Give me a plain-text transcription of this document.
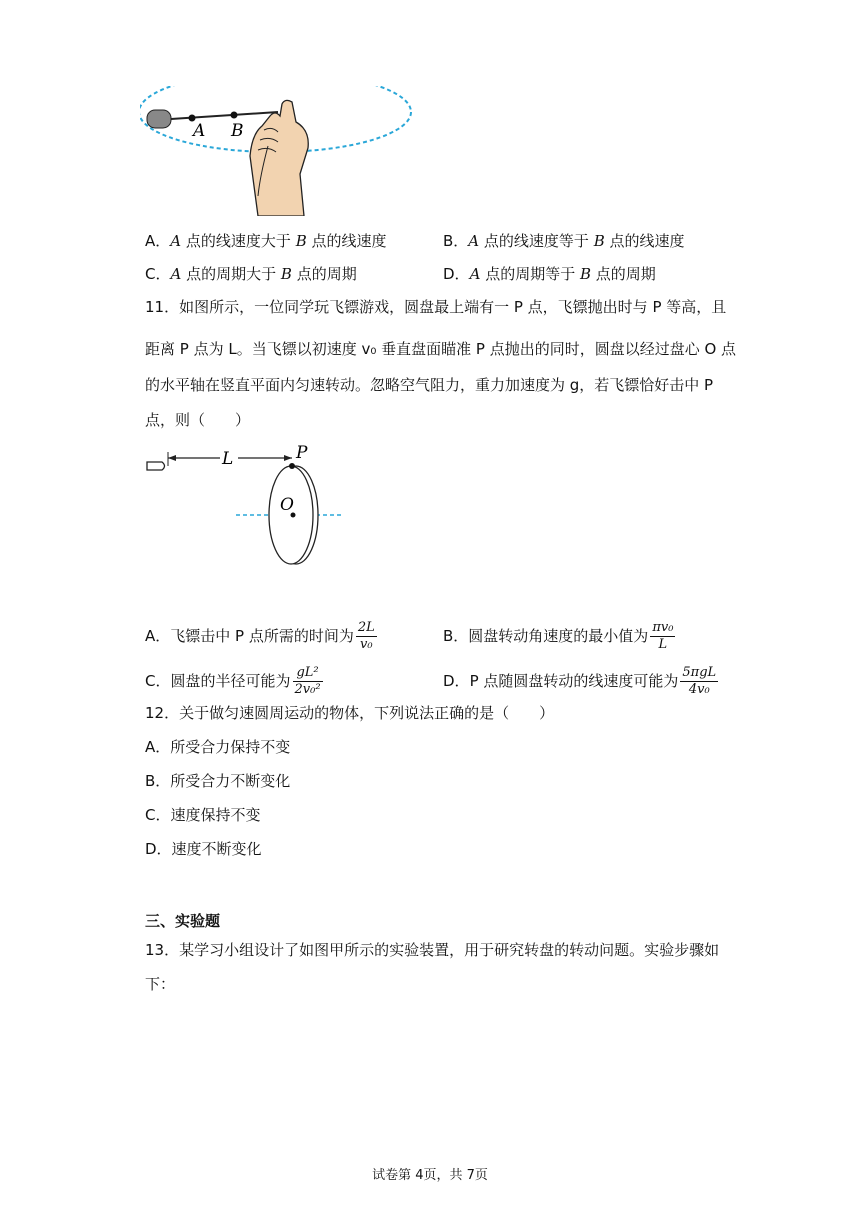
A B
A．A 点的线速度大于 B 点的线速度	B．A 点的线速度等于 B 点的线速度
C．A 点的周期大于 B 点的周期	D．A 点的周期等于 B 点的周期
11．如图所示，一位同学玩飞镖游戏，圆盘最上端有一 P 点，飞镖抛出时与 P 等高，且
距离 P 点为 L。当飞镖以初速度 v₀ 垂直盘面瞄准 P 点抛出的同时，圆盘以经过盘心 O 点
的水平轴在竖直平面内匀速转动。忽略空气阻力，重力加速度为 g，若飞镖恰好击中 P
点，则（　　）
L	P
O
A．飞镖击中 P 点所需的时间为 $\frac{2L}{\text{v₀}}$	B．圆盘转动角速度的最小值为 $\frac{\text{πv₀}}{L}$
C．圆盘的半径可能为 $\frac{\text{gL²}}{\text{2v₀²}}$	D．P 点随圆盘转动的线速度可能为 $\frac{\text{5πgL}}{\text{4v₀}}$
12．关于做匀速圆周运动的物体，下列说法正确的是（　　）
A．所受合力保持不变
B．所受合力不断变化
C．速度保持不变
D．速度不断变化
三、实验题
13．某学习小组设计了如图甲所示的实验装置，用于研究转盘的转动问题。实验步骤如
下：
试卷第 4页，共 7页
